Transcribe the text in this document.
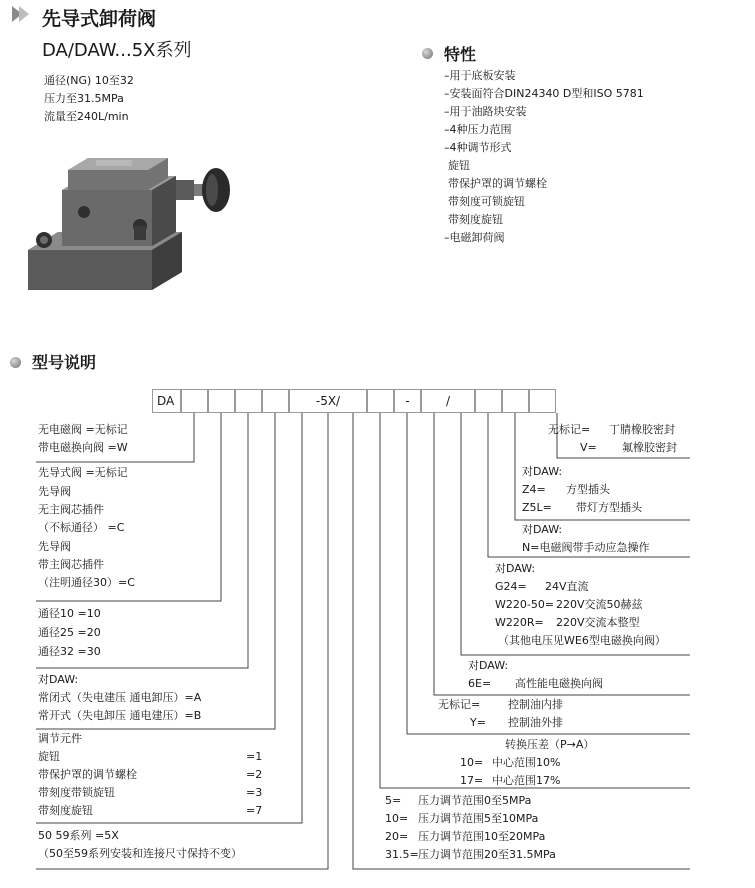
先导式卸荷阀
DA/DAW...5X系列
通径(NG) 10至32
压力至31.5MPa
流量至240L/min
特性
–用于底板安装
–安装面符合DIN24340 D型和ISO 5781
–用于油路块安装
–4种压力范围
–4种调节形式
旋钮
带保护罩的调节螺栓
带刻度可锁旋钮
带刻度旋钮
–电磁卸荷阀
型号说明
DA	-5X/	-	/
无电磁阀 =无标记
带电磁换向阀 =W
先导式阀 =无标记
先导阀
无主阀芯插件
（不标通径） =C
先导阀
带主阀芯插件
（注明通径30）=C
通径10 =10
通径25 =20
通径32 =30
对DAW:
常闭式（失电建压 通电卸压）=A
常开式（失电卸压 通电建压）=B
调节元件
旋钮	=1
带保护罩的调节螺栓	=2
带刻度带锁旋钮	=3
带刻度旋钮	=7
50 59系列 =5X
（50至59系列安装和连接尺寸保持不变）
无标记= 丁腈橡胶密封
V= 氟橡胶密封
对DAW:
Z4= 方型插头
Z5L= 带灯方型插头
对DAW:
N=电磁阀带手动应急操作
对DAW:
G24= 24V直流
W220-50= 220V交流50赫兹
W220R= 220V交流本整型
（其他电压见WE6型电磁换向阀）
对DAW:
6E= 高性能电磁换向阀
无标记=	控制油内排
Y= 控制油外排
转换压差（P→A）
10= 中心范围10%
17= 中心范围17%
5= 压力调节范围0至5MPa
10= 压力调节范围5至10MPa
20= 压力调节范围10至20MPa
31.5= 压力调节范围20至31.5MPa
